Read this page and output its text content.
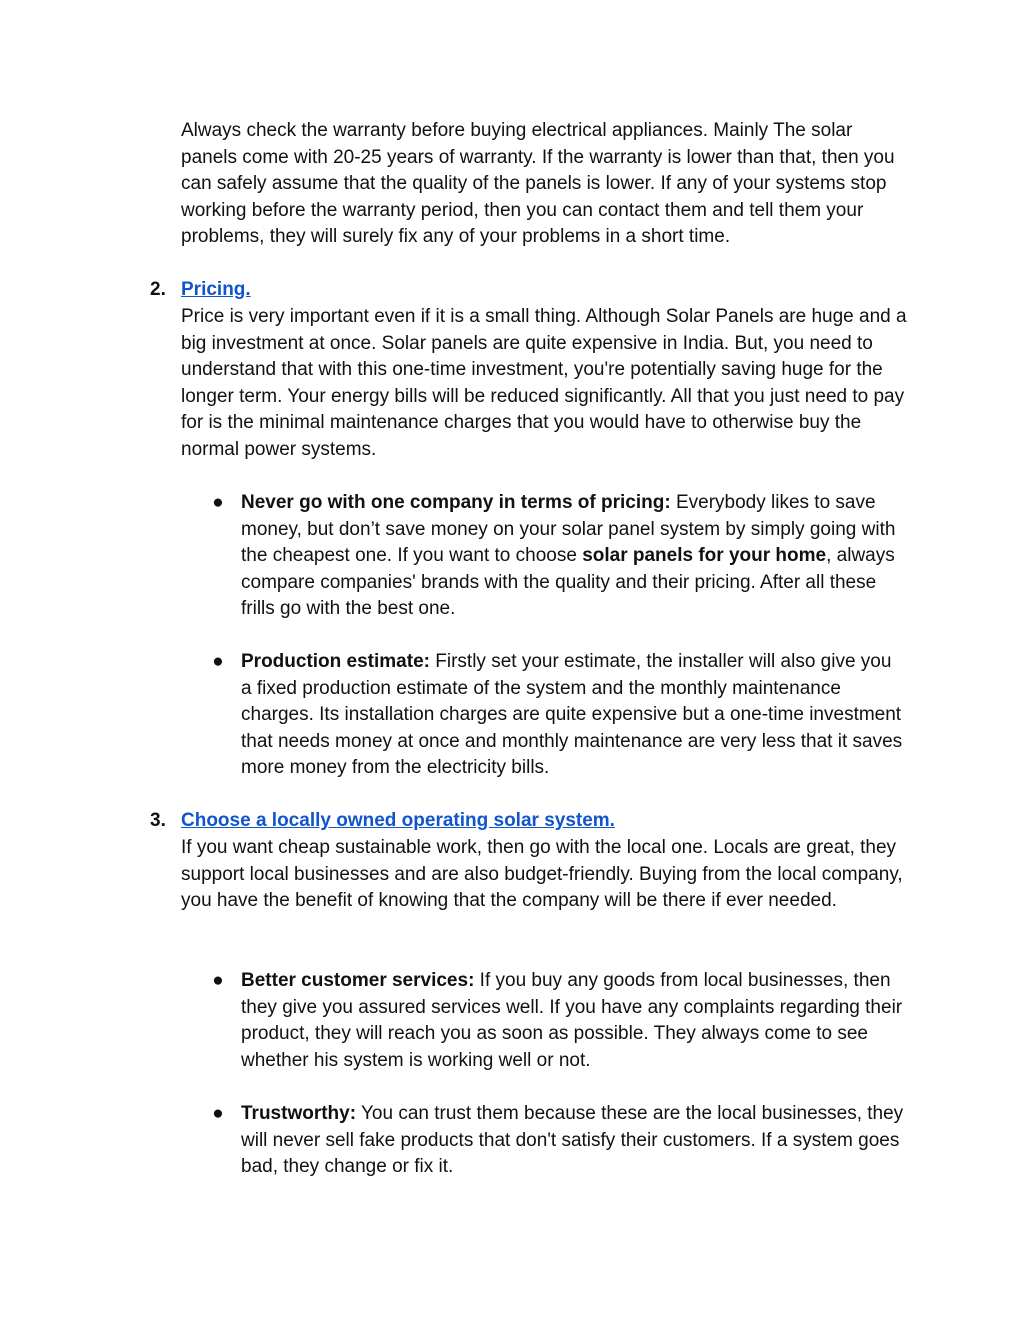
Always check the warranty before buying electrical appliances. Mainly The solar panels come with 20-25 years of warranty. If the warranty is lower than that, then you can safely assume that the quality of the panels is lower. If any of your systems stop working before the warranty period, then you can contact them and tell them your problems, they will surely fix any of your problems in a short time.

2. Pricing.

Price is very important even if it is a small thing. Although Solar Panels are huge and a big investment at once. Solar panels are quite expensive in India. But, you need to understand that with this one-time investment, you're potentially saving huge for the longer term. Your energy bills will be reduced significantly. All that you just need to pay for is the minimal maintenance charges that you would have to otherwise buy the normal power systems.

● Never go with one company in terms of pricing: Everybody likes to save money, but don’t save money on your solar panel system by simply going with the cheapest one. If you want to choose solar panels for your home, always compare companies' brands with the quality and their pricing. After all these frills go with the best one.

● Production estimate: Firstly set your estimate, the installer will also give you a fixed production estimate of the system and the monthly maintenance charges. Its installation charges are quite expensive but a one-time investment that needs money at once and monthly maintenance are very less that it saves more money from the electricity bills.

3. Choose a locally owned operating solar system.

If you want cheap sustainable work, then go with the local one. Locals are great, they support local businesses and are also budget-friendly. Buying from the local company, you have the benefit of knowing that the company will be there if ever needed.

● Better customer services: If you buy any goods from local businesses, then they give you assured services well. If you have any complaints regarding their product, they will reach you as soon as possible. They always come to see whether his system is working well or not.

● Trustworthy: You can trust them because these are the local businesses, they will never sell fake products that don't satisfy their customers. If a system goes bad, they change or fix it.
